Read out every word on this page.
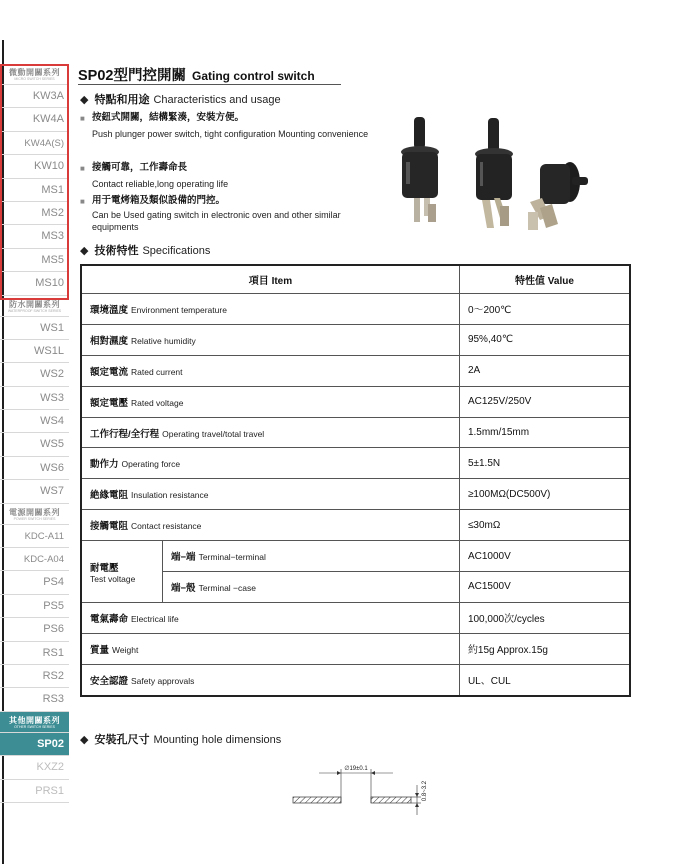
微動開關系列
MICRO SWITCH SERIES
KW3A
KW4A
KW4A(S)
KW10
MS1
MS2
MS3
MS5
MS10
防水開關系列
WATERPROOF SWITCH SERIES
WS1
WS1L
WS2
WS3
WS4
WS5
WS6
WS7
電源開關系列
POWER SWITCH SERIES
KDC-A11
KDC-A04
PS4
PS5
PS6
RS1
RS2
RS3
其他開關系列
OTHER SWITCH SERIES
SP02
KXZ2
PRS1
SP02型門控開關 Gating control switch
◆ 特點和用途 Characteristics and usage
■ 按鈕式開關，結構緊湊，安裝方便。
Push plunger power switch, tight configuration Mounting convenience
■ 接觸可靠，工作壽命長
Contact reliable,long operating life
■ 用于電烤箱及類似設備的門控。
Can be Used gating switch in electronic oven and other similar equipments
◆ 技術特性 Specifications
項目 Item		特性值 Value
環境溫度 Environment temperature		0～200℃
相對濕度 Relative humidity		95%,40℃
額定電流 Rated current		2A
額定電壓 Rated voltage		AC125V/250V
工作行程/全行程 Operating travel/total travel		1.5mm/15mm
動作力 Operating force		5±1.5N
絶緣電阻 Insulation resistance		≥100MΩ(DC500V)
接觸電阻 Contact resistance		≤30mΩ

耐電壓
Test voltage	端−端 Terminal−terminal	AC1000V
	端−殼 Terminal −case	AC1500V
電氣壽命 Electrical life		100,000次/cycles
質量 Weight		約15g Approx.15g
安全認證 Safety approvals		UL、CUL
◆ 安裝孔尺寸 Mounting hole dimensions
∅19±0.1
0.8~3.2
